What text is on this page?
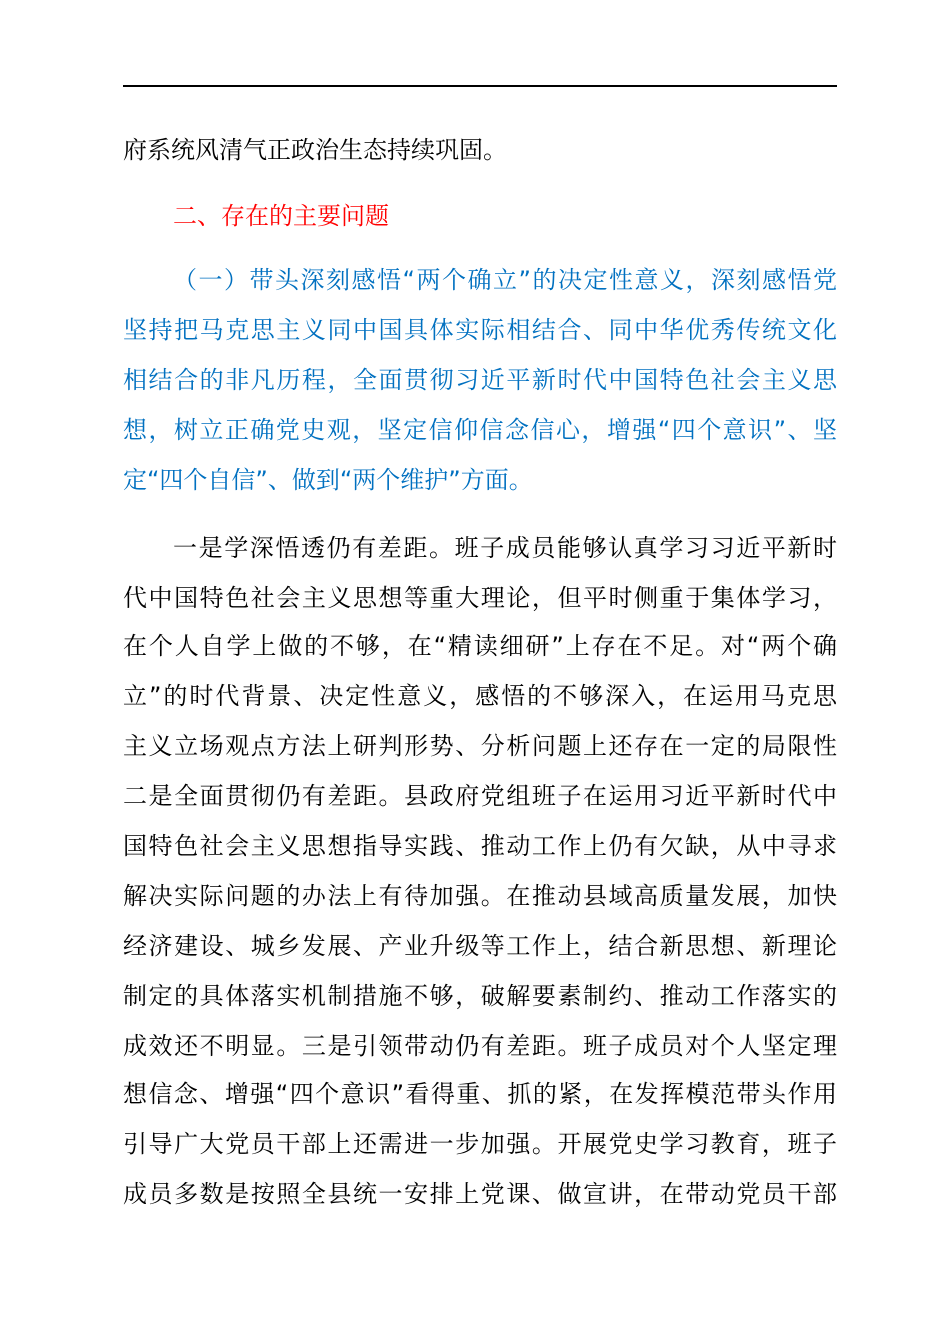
府系统风清气正政治生态持续巩固。
二、存在的主要问题
（一）带头深刻感悟“两个确立”的决定性意义，深刻感悟党
坚持把马克思主义同中国具体实际相结合、同中华优秀传统文化
相结合的非凡历程，全面贯彻习近平新时代中国特色社会主义思
想，树立正确党史观，坚定信仰信念信心，增强“四个意识”、坚
定“四个自信”、做到“两个维护”方面。
一是学深悟透仍有差距。班子成员能够认真学习习近平新时
代中国特色社会主义思想等重大理论，但平时侧重于集体学习，
在个人自学上做的不够，在“精读细研”上存在不足。对“两个确
立”的时代背景、决定性意义，感悟的不够深入，在运用马克思
主义立场观点方法上研判形势、分析问题上还存在一定的局限性
二是全面贯彻仍有差距。县政府党组班子在运用习近平新时代中
国特色社会主义思想指导实践、推动工作上仍有欠缺，从中寻求
解决实际问题的办法上有待加强。在推动县域高质量发展，加快
经济建设、城乡发展、产业升级等工作上，结合新思想、新理论
制定的具体落实机制措施不够，破解要素制约、推动工作落实的
成效还不明显。三是引领带动仍有差距。班子成员对个人坚定理
想信念、增强“四个意识”看得重、抓的紧，在发挥模范带头作用
引导广大党员干部上还需进一步加强。开展党史学习教育，班子
成员多数是按照全县统一安排上党课、做宣讲，在带动党员干部
